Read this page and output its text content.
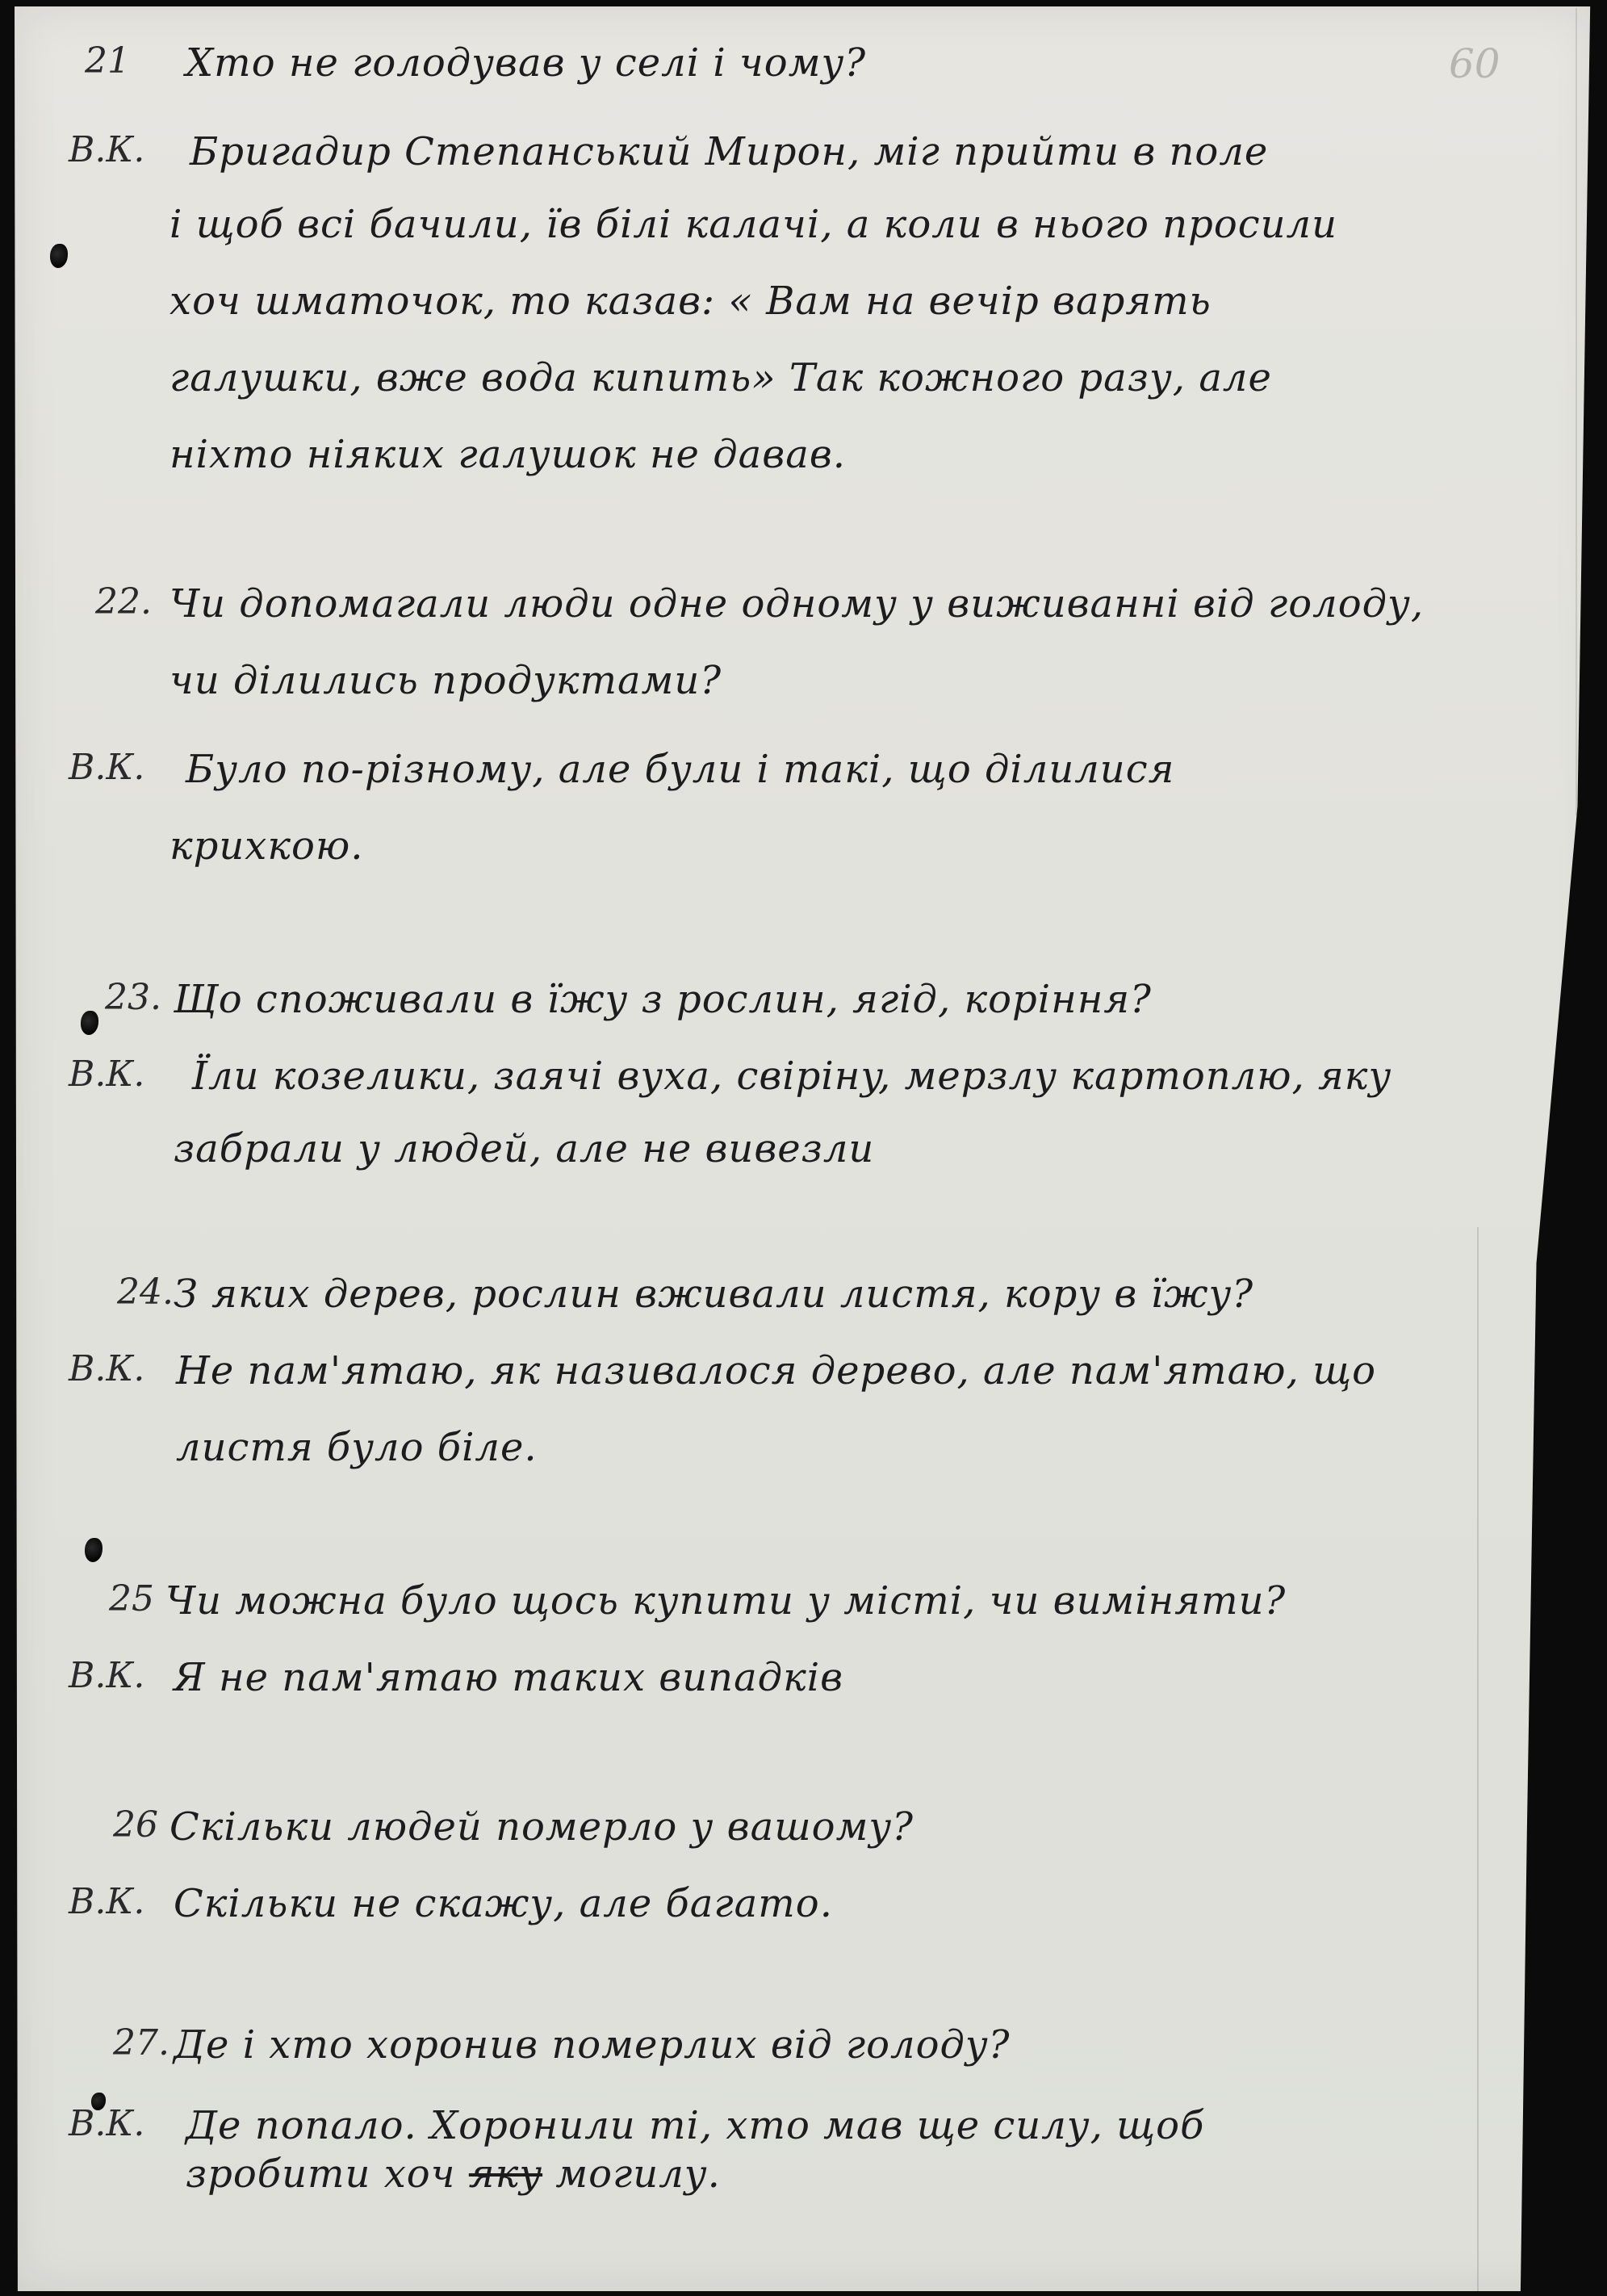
60
21 Хто не голодував у селі і чому?
В.К. Бригадир Степанський Мирон, міг прийти в поле
і щоб всі бачили, їв білі калачі, а коли в нього просили
хоч шматочок, то казав: « Вам на вечір варять
галушки, вже вода кипить» Так кожного разу, але
ніхто ніяких галушок не давав.
22. Чи допомагали люди одне одному у виживанні від голоду,
чи ділились продуктами?
В.К. Було по-різному, але були і такі, що ділилися
крихкою.
23. Що споживали в їжу з рослин, ягід, коріння?
В.К. Їли козелики, заячі вуха, свірінy, мерзлу картоплю, яку
забрали у людей, але не вивезли
24. З яких дерев, рослин вживали листя, кору в їжу?
В.К. Не пам'ятаю, як називалося дерево, але пам'ятаю, що
листя було біле.
25 Чи можна було щось купити у місті, чи виміняти?
В.К. Я не пам'ятаю таких випадків
26 Скільки людей померло у вашому?
В.К. Скільки не скажу, але багато.
27. Де і хто хоронив померлих від голоду?
В.К. Де попало. Хоронили ті, хто мав ще силу, щоб
зробити хоч яку могилу.
